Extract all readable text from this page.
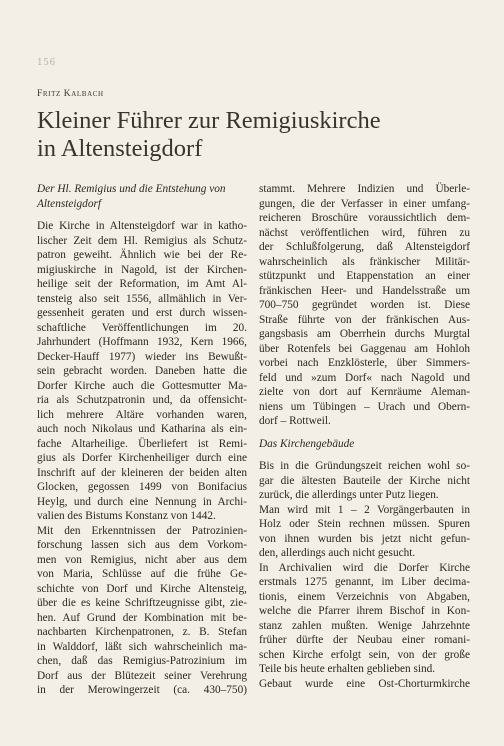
156
Fritz Kalbach
Kleiner Führer zur Remigiuskirche
in Altensteigdorf
Der Hl. Remigius und die Entstehung von
Altensteigdorf
Die Kirche in Altensteigdorf war in katho-
lischer Zeit dem Hl. Remigius als Schutz-
patron geweiht. Ähnlich wie bei der Re-
migiuskirche in Nagold, ist der Kirchen-
heilige seit der Reformation, im Amt Al-
tensteig also seit 1556, allmählich in Ver-
gessenheit geraten und erst durch wissen-
schaftliche Veröffentlichungen im 20.
Jahrhundert (Hoffmann 1932, Kern 1966,
Decker-Hauff 1977) wieder ins Bewußt-
sein gebracht worden. Daneben hatte die
Dorfer Kirche auch die Gottesmutter Ma-
ria als Schutzpatronin und, da offensicht-
lich mehrere Altäre vorhanden waren,
auch noch Nikolaus und Katharina als ein-
fache Altarheilige. Überliefert ist Remi-
gius als Dorfer Kirchenheiliger durch eine
Inschrift auf der kleineren der beiden alten
Glocken, gegossen 1499 von Bonifacius
Heylg, und durch eine Nennung in Archi-
valien des Bistums Konstanz von 1442.
Mit den Erkenntnissen der Patrozinien-
forschung lassen sich aus dem Vorkom-
men von Remigius, nicht aber aus dem
von Maria, Schlüsse auf die frühe Ge-
schichte von Dorf und Kirche Altensteig,
über die es keine Schriftzeugnisse gibt, zie-
hen. Auf Grund der Kombination mit be-
nachbarten Kirchenpatronen, z. B. Stefan
in Walddorf, läßt sich wahrscheinlich ma-
chen, daß das Remigius-Patrozinium im
Dorf aus der Blütezeit seiner Verehrung
in der Merowingerzeit (ca. 430–750)
stammt. Mehrere Indizien und Überle-
gungen, die der Verfasser in einer umfang-
reicheren Broschüre voraussichtlich dem-
nächst veröffentlichen wird, führen zu
der Schlußfolgerung, daß Altensteigdorf
wahrscheinlich als fränkischer Militär-
stützpunkt und Etappenstation an einer
fränkischen Heer- und Handelsstraße um
700–750 gegründet worden ist. Diese
Straße führte von der fränkischen Aus-
gangsbasis am Oberrhein durchs Murgtal
über Rotenfels bei Gaggenau am Hohloh
vorbei nach Enzklösterle, über Simmers-
feld und »zum Dorf« nach Nagold und
zielte von dort auf Kernräume Aleman-
niens um Tübingen – Urach und Obern-
dorf – Rottweil.
Das Kirchengebäude
Bis in die Gründungszeit reichen wohl so-
gar die ältesten Bauteile der Kirche nicht
zurück, die allerdings unter Putz liegen.
Man wird mit 1 – 2 Vorgängerbauten in
Holz oder Stein rechnen müssen. Spuren
von ihnen wurden bis jetzt nicht gefun-
den, allerdings auch nicht gesucht.
In Archivalien wird die Dorfer Kirche
erstmals 1275 genannt, im Liber decima-
tionis, einem Verzeichnis von Abgaben,
welche die Pfarrer ihrem Bischof in Kon-
stanz zahlen mußten. Wenige Jahrzehnte
früher dürfte der Neubau einer romani-
schen Kirche erfolgt sein, von der große
Teile bis heute erhalten geblieben sind.
Gebaut wurde eine Ost-Chorturmkirche
